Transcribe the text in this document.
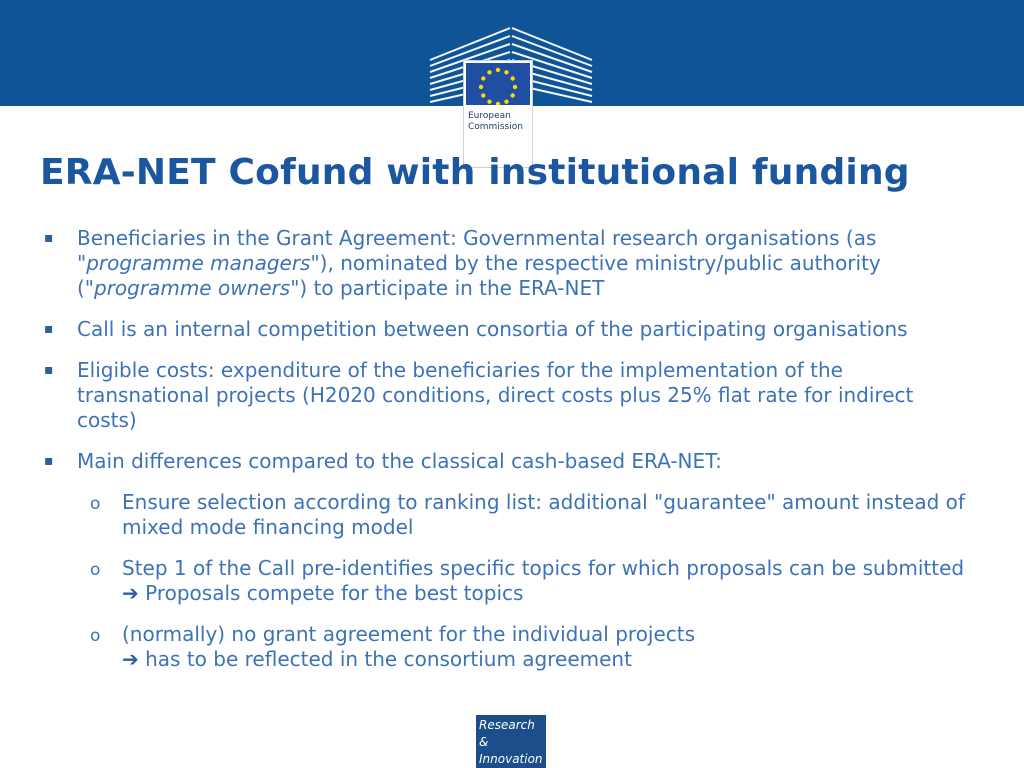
European
Commission
ERA-NET Cofund with institutional funding
▪ Beneficiaries in the Grant Agreement: Governmental research organisations (as "programme managers"), nominated by the respective ministry/public authority ("programme owners") to participate in the ERA-NET
▪ Call is an internal competition between consortia of the participating organisations
▪ Eligible costs: expenditure of the beneficiaries for the implementation of the transnational projects (H2020 conditions, direct costs plus 25% flat rate for indirect costs)
▪ Main differences compared to the classical cash-based ERA-NET:
o Ensure selection according to ranking list: additional "guarantee" amount instead of mixed mode financing model
o Step 1 of the Call pre-identifies specific topics for which proposals can be submitted ➔ Proposals compete for the best topics
o (normally) no grant agreement for the individual projects
➔ has to be reflected in the consortium agreement
Research &
Innovation
